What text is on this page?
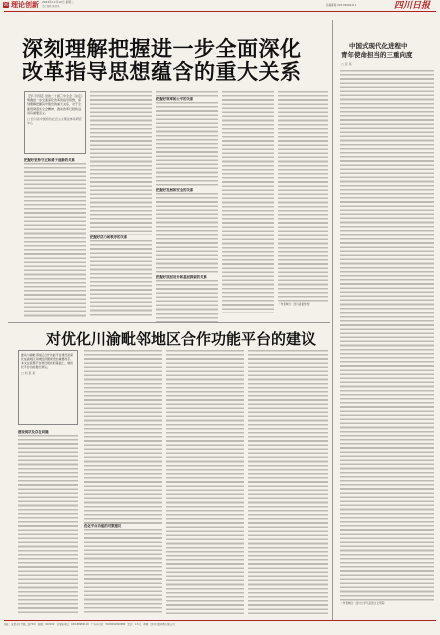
06 理论创新 2024年12月10日 星期二
责任编辑 陈某某	投稿邮箱 028-86969211	四川日报
深刻理解把握进一步全面深化
改革指导思想蕴含的重大关系
【学习导读】党的二十届三中全会《决定》明确进一步全面深化改革的指导思想，深刻理解把握其中蕴含的重大关系，对于全面贯彻落实全会精神、推动改革行稳致远具有重要意义。
□ 四川省中国特色社会主义理论体系研究中心
把握好坚持守正和勇于创新的关系
把握好活力和秩序的关系
把握好效率和公平的关系
把握好发展和安全的关系
把握好顶层设计和基层探索的关系
（作者单位：四川省委党校）
中国式现代化进程中
青年使命担当的三重向度
□ 张 某
（作者单位：四川大学马克思主义学院）
对优化川渝毗邻地区合作功能平台的建议
推动川渝毗邻地区合作功能平台建设是深化成渝地区双城经济圈建设的重要抓手。本文在梳理平台建设现状的基础上，就优化平台功能提出建议。
□ 刘 某 某
建设现状及存在问题
优化平台功能的对策建议
地址：成都市红星路二段70号　邮编：610012　总编室电话：028-86969110　广告许可证：5100004000084　定价：1.5元　印刷：四川日报印务有限公司
